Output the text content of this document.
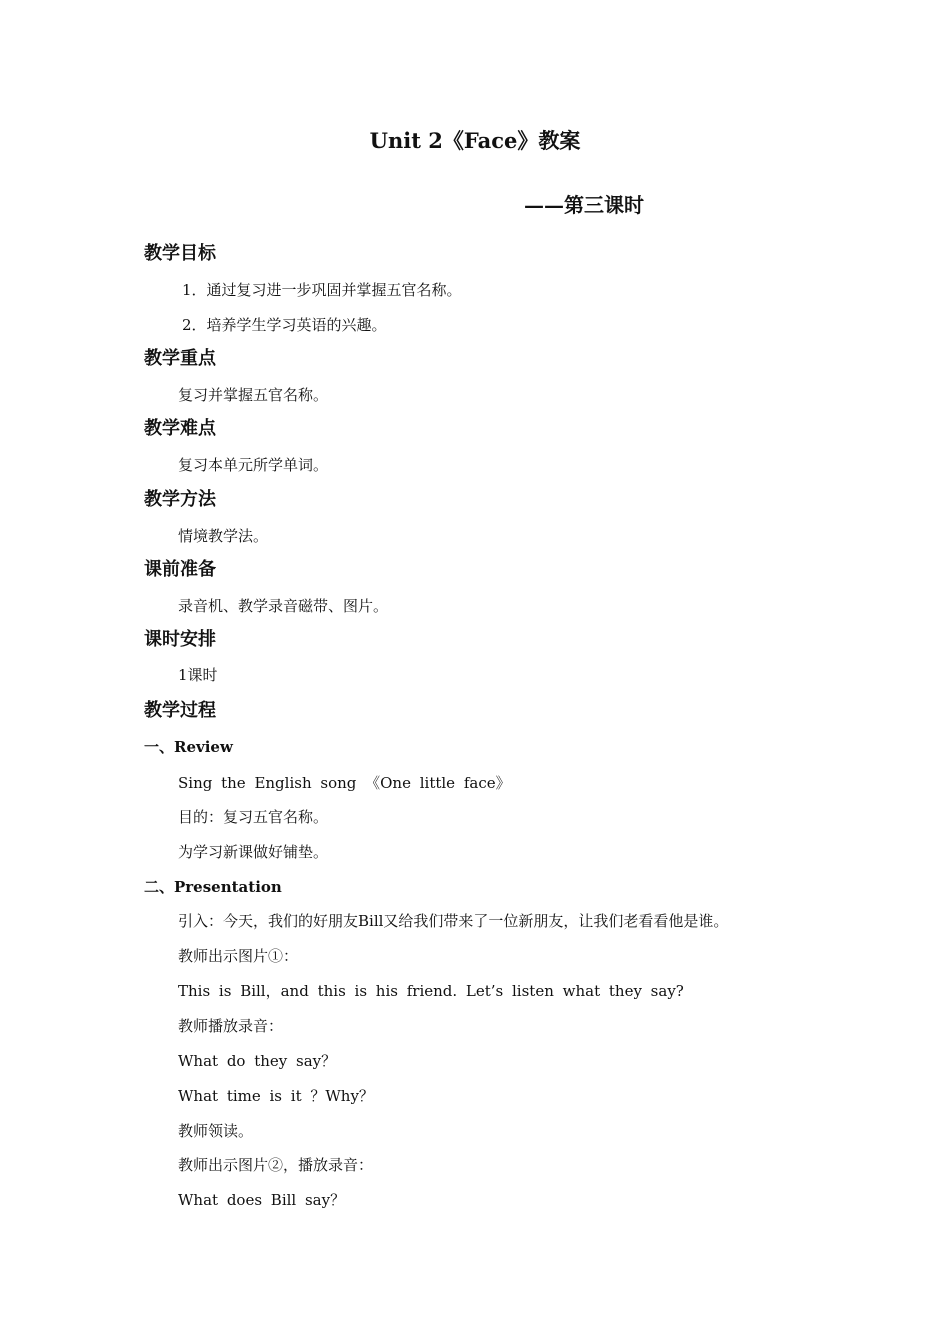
Unit 2《Face》教案
——第三课时
教学目标
1．通过复习进一步巩固并掌握五官名称。
2．培养学生学习英语的兴趣。
教学重点
复习并掌握五官名称。
教学难点
复习本单元所学单词。
教学方法
情境教学法。
课前准备
录音机、教学录音磁带、图片。
课时安排
1课时
教学过程
一、Review
Sing the English song 《One little face》
目的：复习五官名称。
为学习新课做好铺垫。
二、Presentation
引入：今天，我们的好朋友Bill又给我们带来了一位新朋友，让我们老看看他是谁。
教师出示图片①：
This is Bill，and this is his friend. Let’s listen what they say?
教师播放录音：
What do they say？
What time is it ？Why？
教师领读。
教师出示图片②，播放录音：
What does Bill say？
